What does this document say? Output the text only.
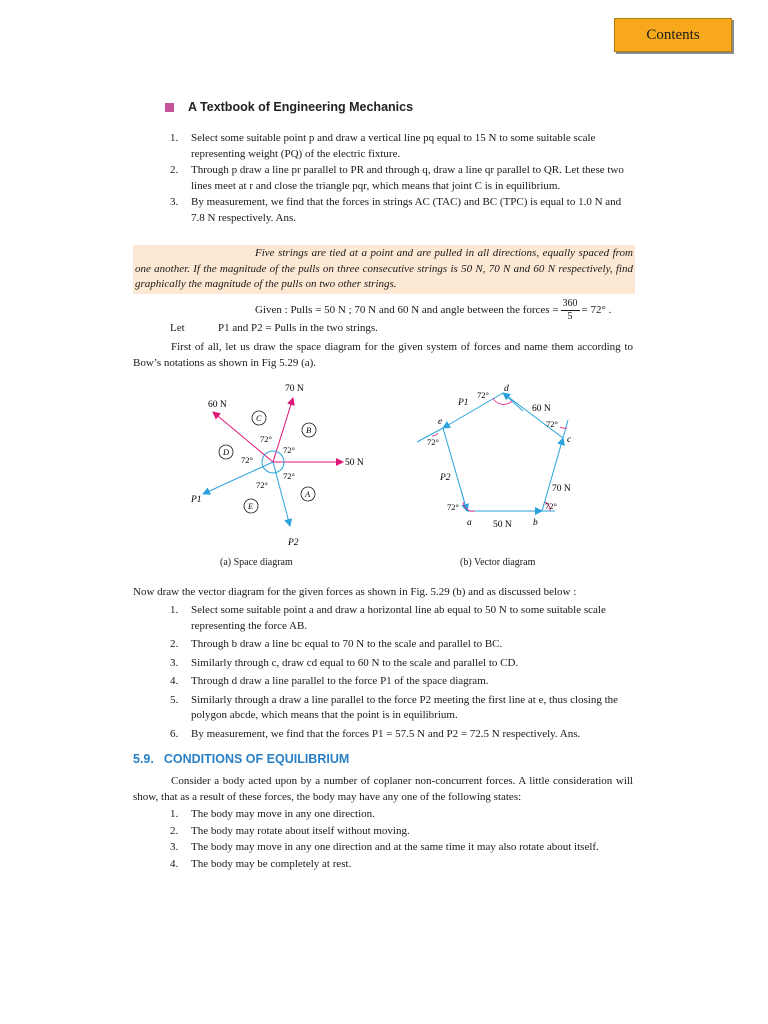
Contents
A Textbook of Engineering Mechanics
1. Select some suitable point p and draw a vertical line pq equal to 15 N to some suitable scale representing weight (PQ) of the electric fixture.
2. Through p draw a line pr parallel to PR and through q, draw a line qr parallel to QR. Let these two lines meet at r and close the triangle pqr, which means that joint C is in equilibrium.
3. By measurement, we find that the forces in strings AC (TAC) and BC (TPC) is equal to 1.0 N and 7.8 N respectively. Ans.

Five strings are tied at a point and are pulled in all directions, equally spaced from one another. If the magnitude of the pulls on three consecutive strings is 50 N, 70 N and 60 N respectively, find graphically the magnitude of the pulls on two other strings.

Given : Pulls = 50 N ; 70 N and 60 N and angle between the forces = $\frac{360}{5} = 72^\circ$ .
Let	P1 and P2 = Pulls in the two strings.
First of all, let us draw the space diagram for the given system of forces and name them according to Bow’s notations as shown in Fig 5.29 (a).
70 N
60 N
50 N
P1
P2
A
B
C
D
E
72°
72°
72°
72°
72°
a	b
c
d
e
50 N
70 N
60 N
P1
P2
72°
72°
72°
72°	72°
(a) Space diagram	(b) Vector diagram
Now draw the vector diagram for the given forces as shown in Fig. 5.29 (b) and as discussed below :
1. Select some suitable point a and draw a horizontal line ab equal to 50 N to some suitable scale representing the force AB.
2. Through b draw a line bc equal to 70 N to the scale and parallel to BC.
3. Similarly through c, draw cd equal to 60 N to the scale and parallel to CD.
4. Through d draw a line parallel to the force P1 of the space diagram.
5. Similarly through a draw a line parallel to the force P2 meeting the first line at e, thus closing the polygon abcde, which means that the point is in equilibrium.
6. By measurement, we find that the forces P1 = 57.5 N and P2 = 72.5 N respectively. Ans.
5.9. CONDITIONS OF EQUILIBRIUM
Consider a body acted upon by a number of coplaner non-concurrent forces. A little consideration will show, that as a result of these forces, the body may have any one of the following states:
1. The body may move in any one direction.
2. The body may rotate about itself without moving.
3. The body may move in any one direction and at the same time it may also rotate about itself.
4. The body may be completely at rest.
